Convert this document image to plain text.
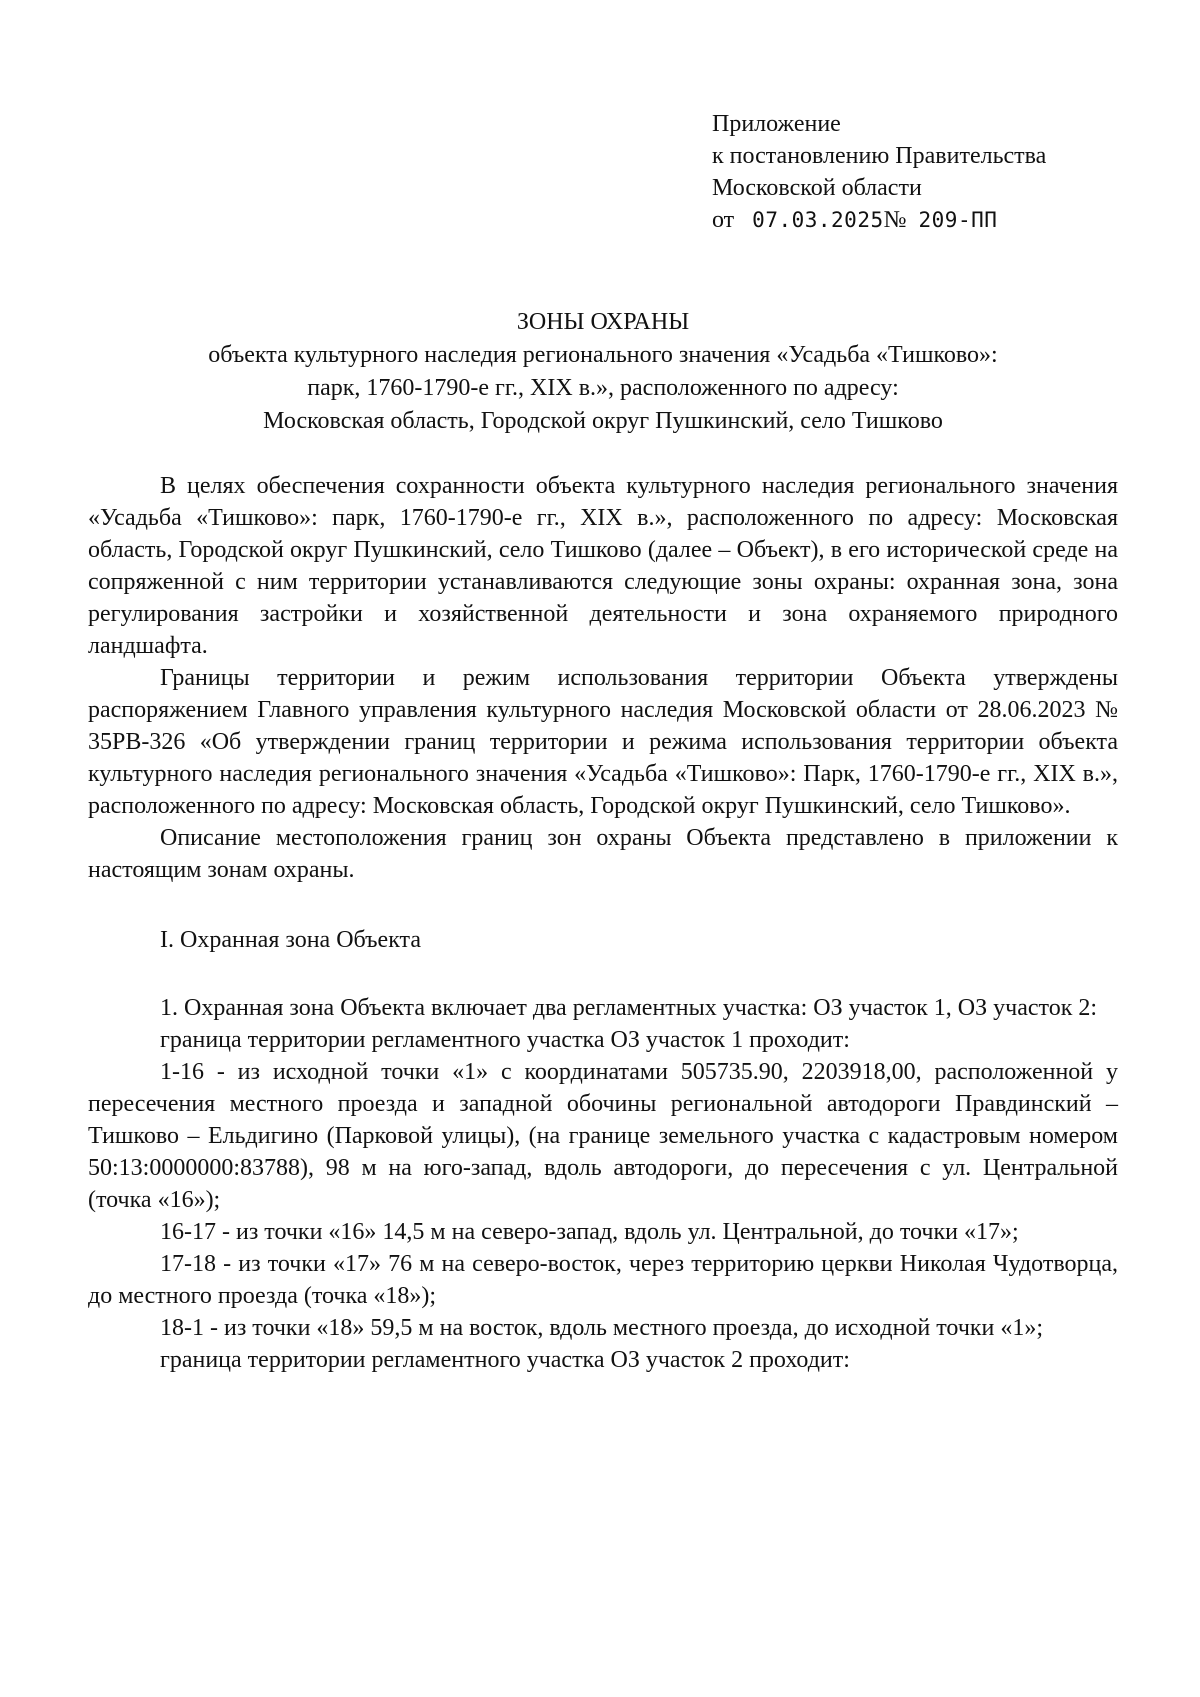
Приложение
к постановлению Правительства
Московской области
от 07.03.2025№ 209-ПП
ЗОНЫ ОХРАНЫ
объекта культурного наследия регионального значения «Усадьба «Тишково»:
парк, 1760-1790-е гг., XIX в.», расположенного по адресу:
Московская область, Городской округ Пушкинский, село Тишково

В целях обеспечения сохранности объекта культурного наследия регионального значения «Усадьба «Тишково»: парк, 1760-1790-е гг., XIX в.», расположенного по адресу: Московская область, Городской округ Пушкинский, село Тишково (далее – Объект), в его исторической среде на сопряженной с ним территории устанавливаются следующие зоны охраны: охранная зона, зона регулирования застройки и хозяйственной деятельности и зона охраняемого природного ландшафта.

Границы территории и режим использования территории Объекта утверждены распоряжением Главного управления культурного наследия Московской области от 28.06.2023 № 35РВ-326 «Об утверждении границ территории и режима использования территории объекта культурного наследия регионального значения «Усадьба «Тишково»: Парк, 1760-1790-е гг., XIX в.», расположенного по адресу: Московская область, Городской округ Пушкинский, село Тишково».

Описание местоположения границ зон охраны Объекта представлено в приложении к настоящим зонам охраны.

I. Охранная зона Объекта

1. Охранная зона Объекта включает два регламентных участка: ОЗ участок 1, ОЗ участок 2:

граница территории регламентного участка ОЗ участок 1 проходит:

1-16 - из исходной точки «1» с координатами 505735.90, 2203918,00, расположенной у пересечения местного проезда и западной обочины региональной автодороги Правдинский – Тишково – Ельдигино (Парковой улицы), (на границе земельного участка с кадастровым номером 50:13:0000000:83788), 98 м на юго-запад, вдоль автодороги, до пересечения с ул. Центральной (точка «16»);

16-17 - из точки «16» 14,5 м на северо-запад, вдоль ул. Центральной, до точки «17»;

17-18 - из точки «17» 76 м на северо-восток, через территорию церкви Николая Чудотворца, до местного проезда (точка «18»);

18-1 - из точки «18» 59,5 м на восток, вдоль местного проезда, до исходной точки «1»;

граница территории регламентного участка ОЗ участок 2 проходит:
